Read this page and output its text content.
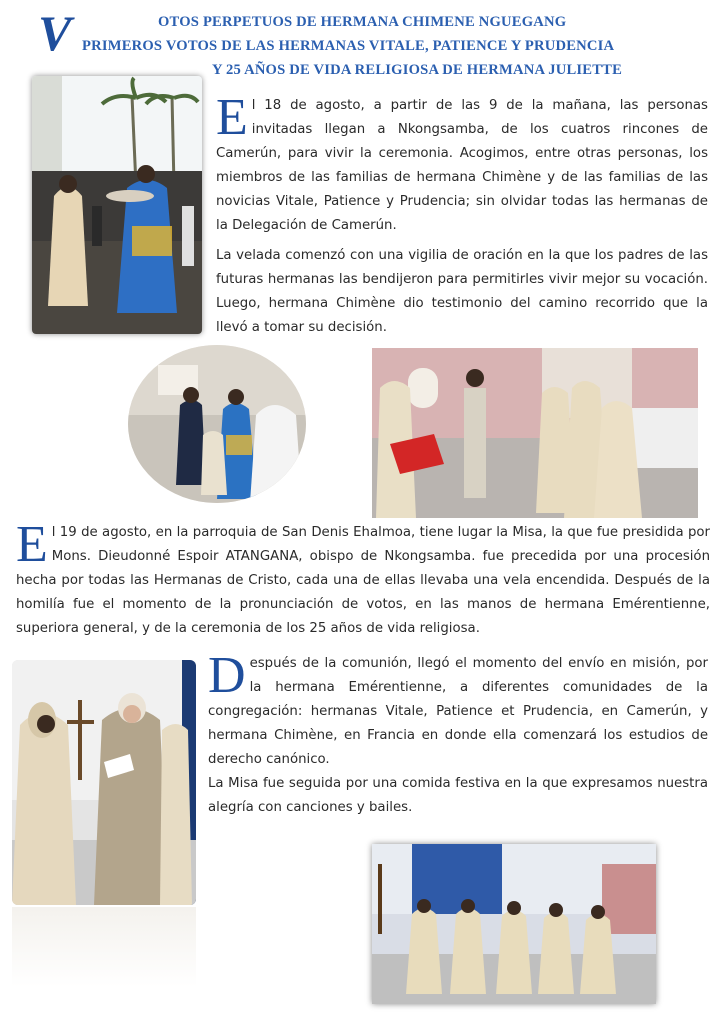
V	OTOS PERPETUOS DE HERMANA CHIMENE NGUEGANG
PRIMEROS VOTOS DE LAS HERMANAS VITALE, PATIENCE Y PRUDENCIA
Y 25 AÑOS DE VIDA RELIGIOSA DE HERMANA JULIETTE

El 18 de agosto, a partir de las 9 de la mañana, las personas invitadas llegan a Nkongsamba, de los cuatros rincones de Camerún, para vivir la ceremonia. Acogimos, entre otras personas, los miembros de las familias de hermana Chimène y de las familias de las novicias Vitale, Patience y Prudencia; sin olvidar todas las hermanas de la Delegación de Camerún.

La velada comenzó con una vigilia de oración en la que los padres de las futuras hermanas las bendijeron para permitirles vivir mejor su vocación. Luego, hermana Chimène dio testimonio del camino recorrido que la llevó a tomar su decisión.

El 19 de agosto, en la parroquia de San Denis Ehalmoa, tiene lugar la Misa, la que fue presidida por Mons. Dieudonné Espoir ATANGANA, obispo de Nkongsamba. fue precedida por una procesión hecha por todas las Hermanas de Cristo, cada una de ellas llevaba una vela encendida. Después de la homilía fue el momento de la pronunciación de votos, en las manos de hermana Emérentienne, superiora general, y de la ceremonia de los 25 años de vida religiosa.

Después de la comunión, llegó el momento del envío en misión, por la hermana Emérentienne, a diferentes comunidades de la congregación: hermanas Vitale, Patience et Prudencia, en Camerún, y hermana Chimène, en Francia en donde ella comenzará los estudios de derecho canónico.

La Misa fue seguida por una comida festiva en la que expresamos nuestra alegría con canciones y bailes.
